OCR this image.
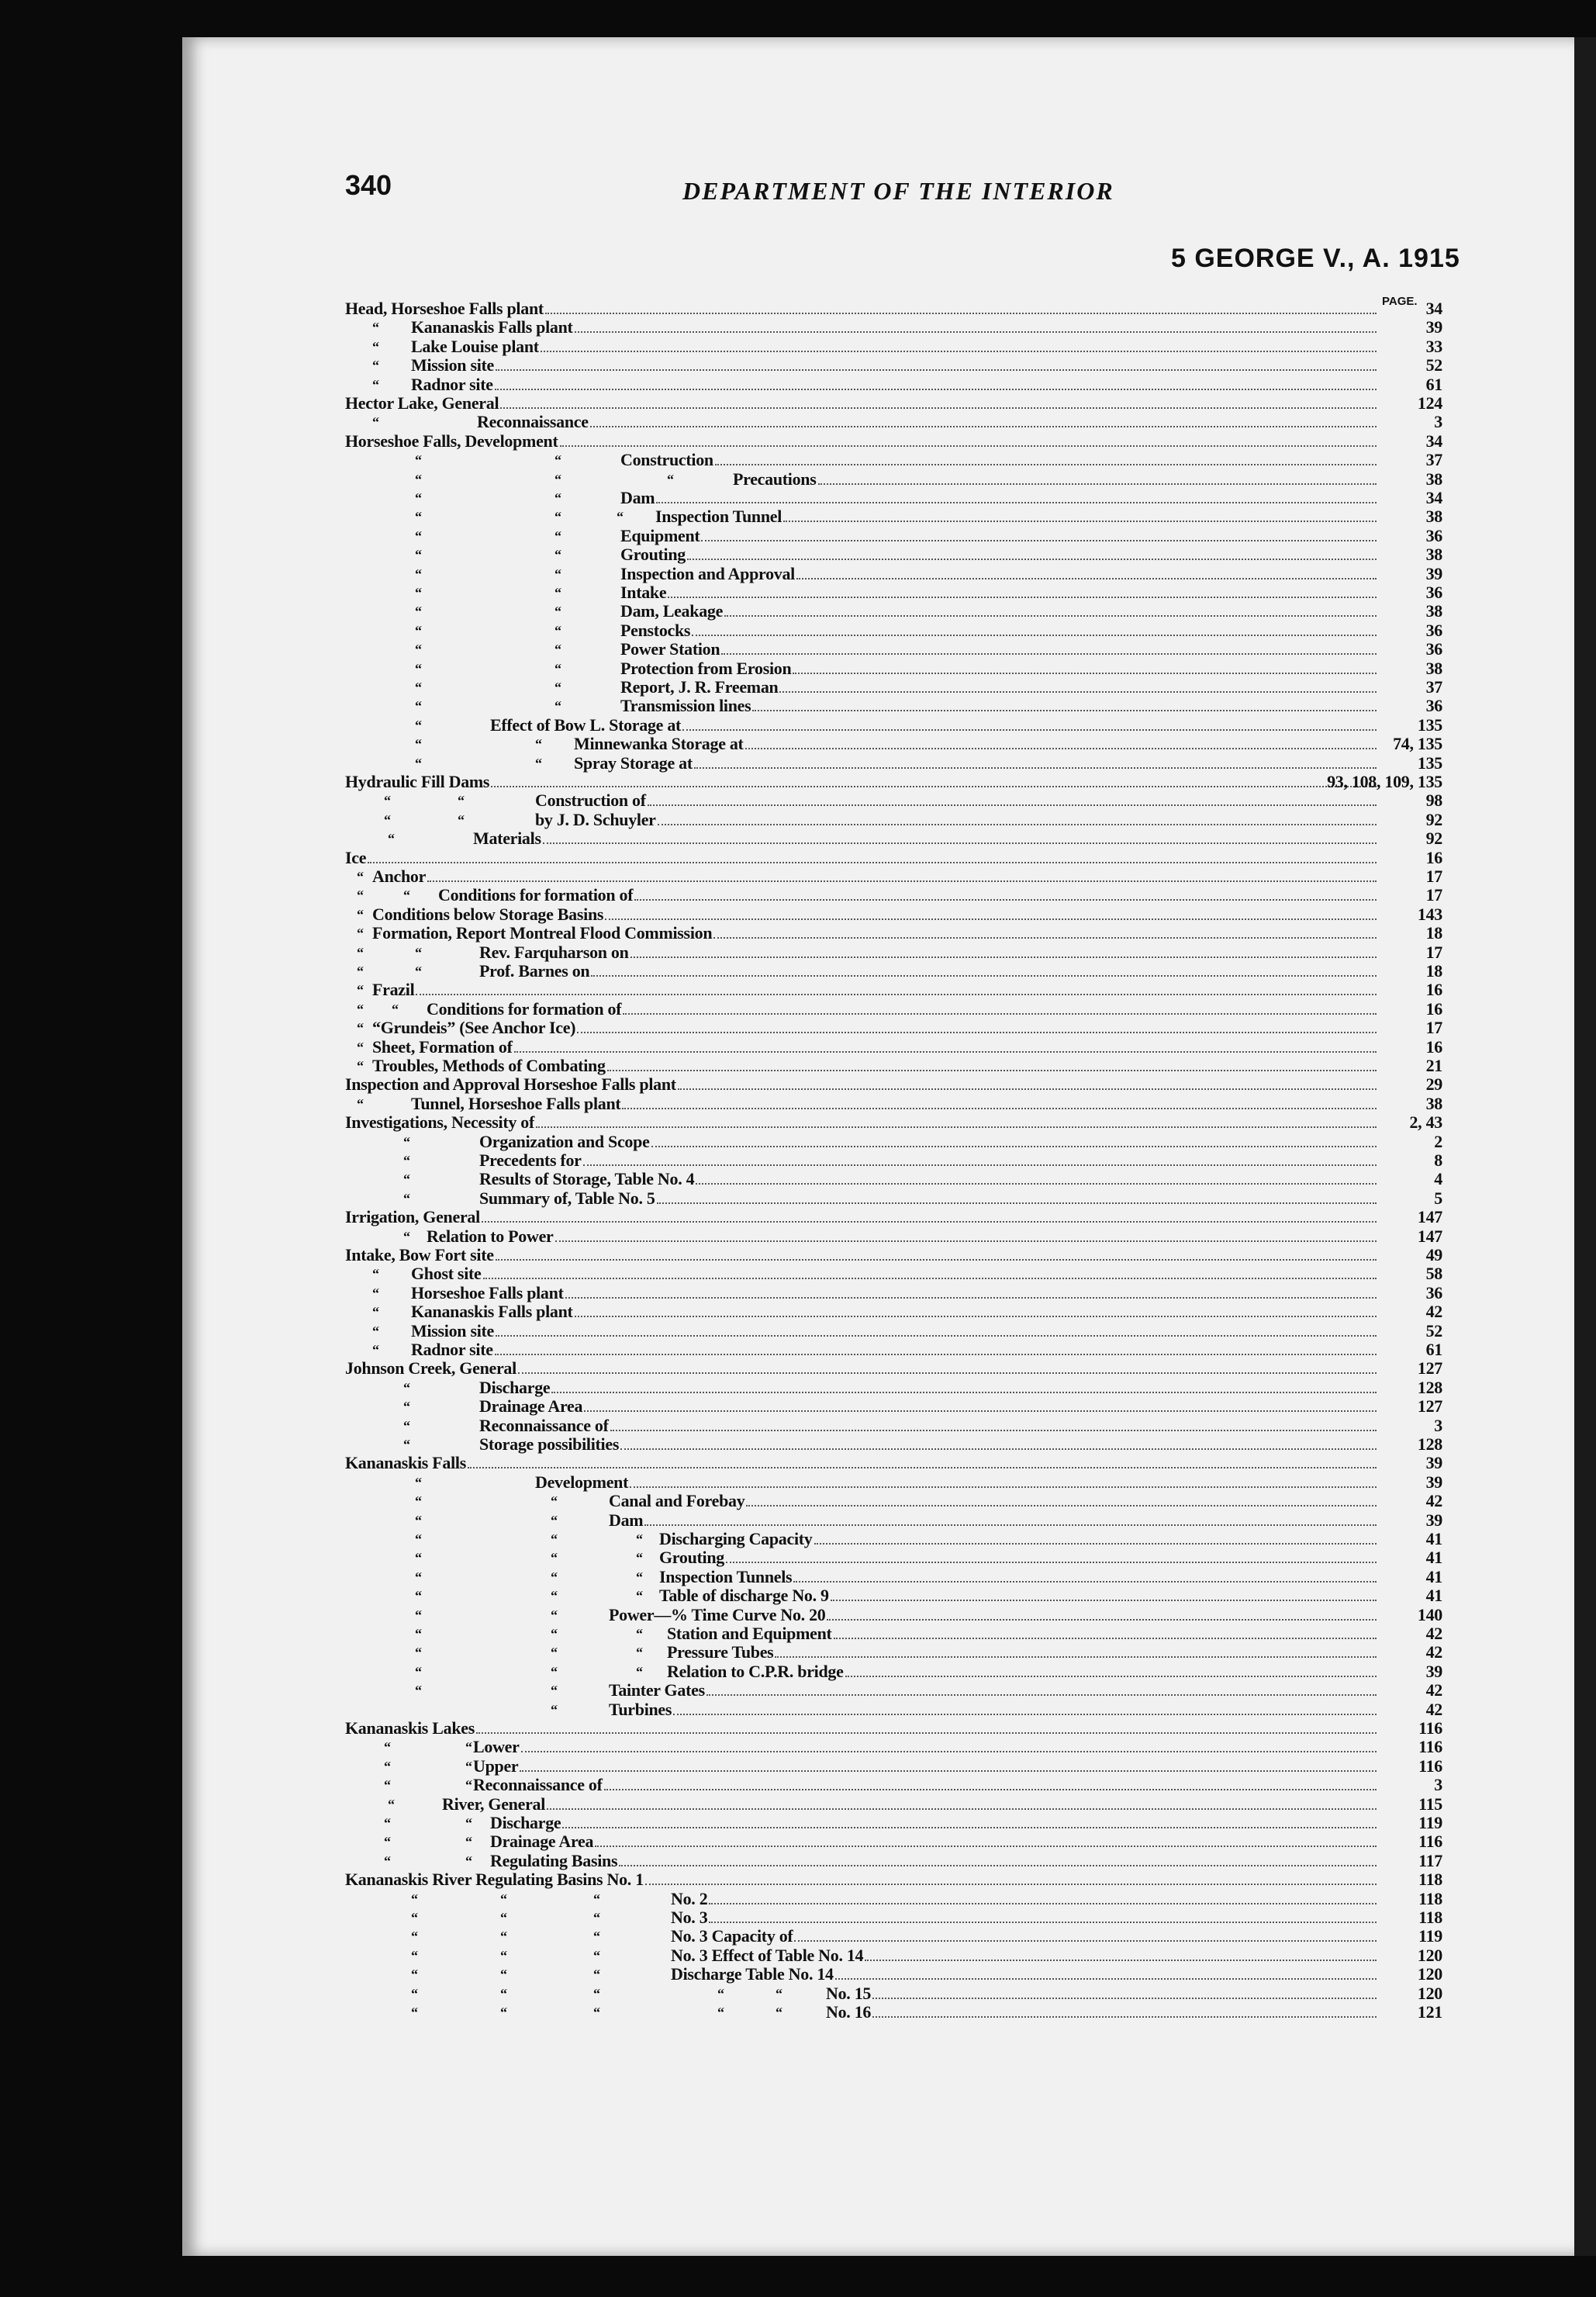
340	DEPARTMENT OF THE INTERIOR
5 GEORGE V., A. 1915
PAGE.
Head, Horseshoe Falls plant	34
“ Kananaskis Falls plant	39
“ Lake Louise plant	33
“ Mission site	52
“ Radnor site	61
Hector Lake, General	124
“	Reconnaissance	3
Horseshoe Falls, Development	34
“	“	Construction	37
“	“	“	Precautions	38
“	“	Dam	34
“	“	“ Inspection Tunnel	38
“	“	Equipment	36
“	“	Grouting	38
“	“	Inspection and Approval	39
“	“	Intake	36
“	“	Dam, Leakage	38
“	“	Penstocks	36
“	“	Power Station	36
“	“	Protection from Erosion	38
“	“	Report, J. R. Freeman	37
“	“	Transmission lines	36
“	Effect of Bow L. Storage at	135
“	“ Minnewanka Storage at	74, 135
“	“ Spray Storage at	135
Hydraulic Fill Dams	93, 108, 109, 135
“	“	Construction of	98
“	“	by J. D. Schuyler	92
“	Materials	92
Ice	16
“ Anchor	17
“	“ Conditions for formation of	17
“ Conditions below Storage Basins	143
“ Formation, Report Montreal Flood Commission	18
“	“	Rev. Farquharson on	17
“	“	Prof. Barnes on	18
“ Frazil	16
“ “ Conditions for formation of	16
“ “Grundeis” (See Anchor Ice)	17
“ Sheet, Formation of	16
“ Troubles, Methods of Combating	21
Inspection and Approval Horseshoe Falls plant	29
“	Tunnel, Horseshoe Falls plant	38
Investigations, Necessity of	2, 43
“	Organization and Scope	2
“	Precedents for	8
“	Results of Storage, Table No. 4	4
“	Summary of, Table No. 5	5
Irrigation, General	147
“ Relation to Power	147
Intake, Bow Fort site	49
“ Ghost site	58
“ Horseshoe Falls plant	36
“ Kananaskis Falls plant	42
“ Mission site	52
“ Radnor site	61
Johnson Creek, General	127
“	Discharge	128
“	Drainage Area	127
“	Reconnaissance of	3
“	Storage possibilities	128
Kananaskis Falls	39
“	Development	39
“	“	Canal and Forebay	42
“	“	Dam	39
“	“	“ Discharging Capacity	41
“	“	“ Grouting	41
“	“	“ Inspection Tunnels	41
“	“	“ Table of discharge No. 9	41
“	“	Power—% Time Curve No. 20	140
“	“	“ Station and Equipment	42
“	“	“ Pressure Tubes	42
“	“	“ Relation to C.P.R. bridge	39
“	“	Tainter Gates	42
“	Turbines	42
Kananaskis Lakes	116
“	“ Lower	116
“	“ Upper	116
“	“ Reconnaissance of	3
“	River, General	115
“	“ Discharge	119
“	“ Drainage Area	116
“	“ Regulating Basins	117
Kananaskis River Regulating Basins No. 1	118
“	“	“	No. 2	118
“	“	“	No. 3	118
“	“	“	No. 3 Capacity of	119
“	“	“	No. 3 Effect of Table No. 14	120
“	“	“	Discharge Table No. 14	120
“	“	“	“	“	No. 15	120
“	“	“	“	“	No. 16	121
